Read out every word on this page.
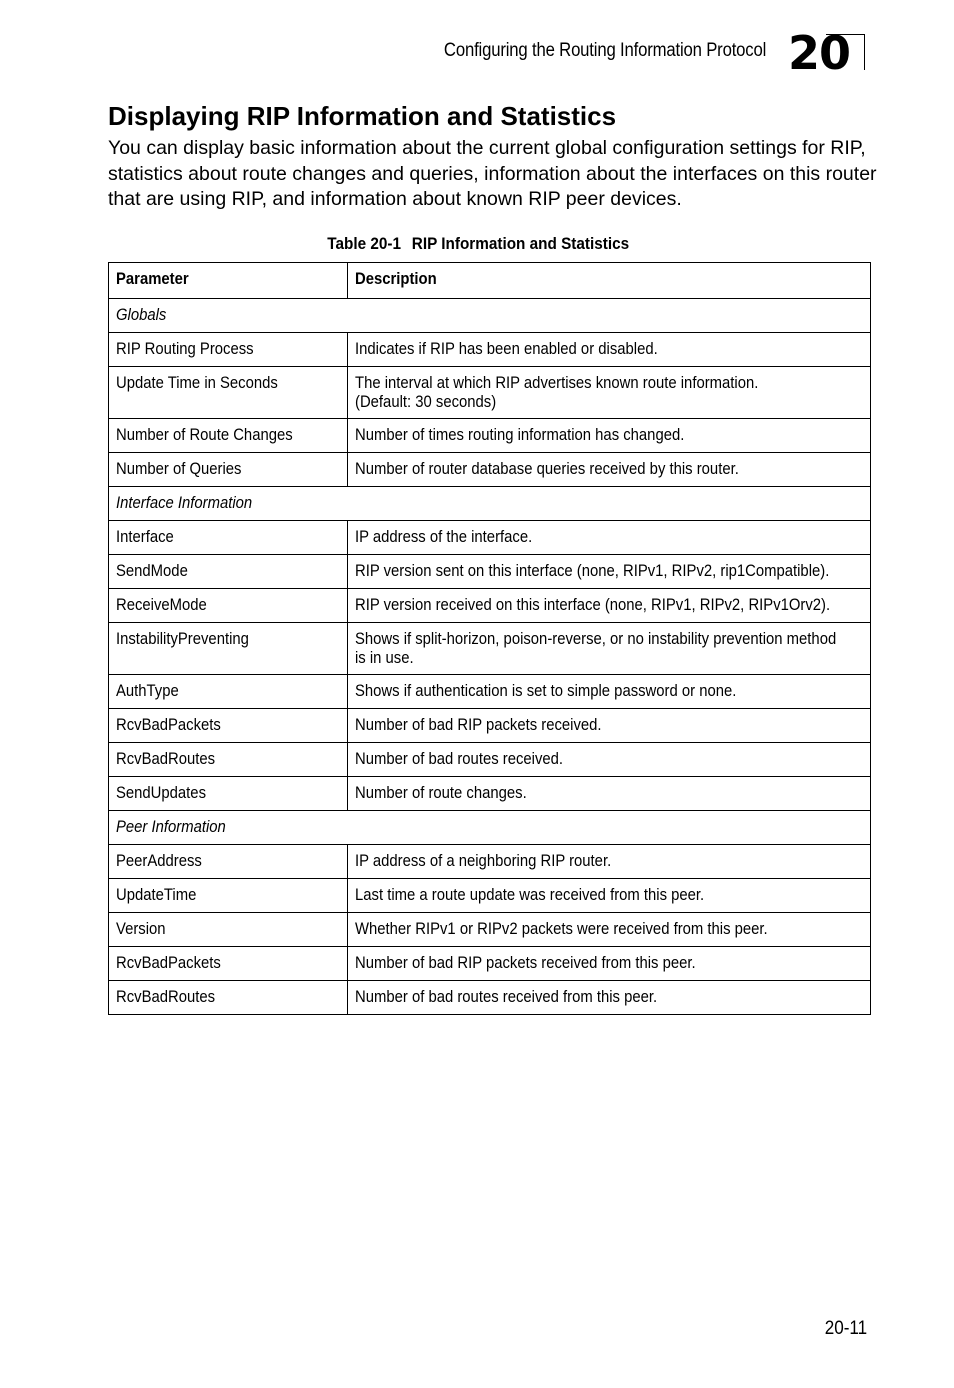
Configuring the Routing Information Protocol 20
Displaying RIP Information and Statistics

You can display basic information about the current global configuration settings for RIP, statistics about route changes and queries, information about the interfaces on this router that are using RIP, and information about known RIP peer devices.

Table 20-1 RIP Information and Statistics
Parameter	Description
Globals	
RIP Routing Process	Indicates if RIP has been enabled or disabled.
Update Time in Seconds	The interval at which RIP advertises known route information.
(Default: 30 seconds)
Number of Route Changes	Number of times routing information has changed.
Number of Queries	Number of router database queries received by this router.
Interface Information	
Interface	IP address of the interface.
SendMode	RIP version sent on this interface (none, RIPv1, RIPv2, rip1Compatible).
ReceiveMode	RIP version received on this interface (none, RIPv1, RIPv2, RIPv1Orv2).
InstabilityPreventing	Shows if split-horizon, poison-reverse, or no instability prevention method
is in use.
AuthType	Shows if authentication is set to simple password or none.
RcvBadPackets	Number of bad RIP packets received.
RcvBadRoutes	Number of bad routes received.
SendUpdates	Number of route changes.
Peer Information	
PeerAddress	IP address of a neighboring RIP router.
UpdateTime	Last time a route update was received from this peer.
Version	Whether RIPv1 or RIPv2 packets were received from this peer.
RcvBadPackets	Number of bad RIP packets received from this peer.
RcvBadRoutes	Number of bad routes received from this peer.
20-11
